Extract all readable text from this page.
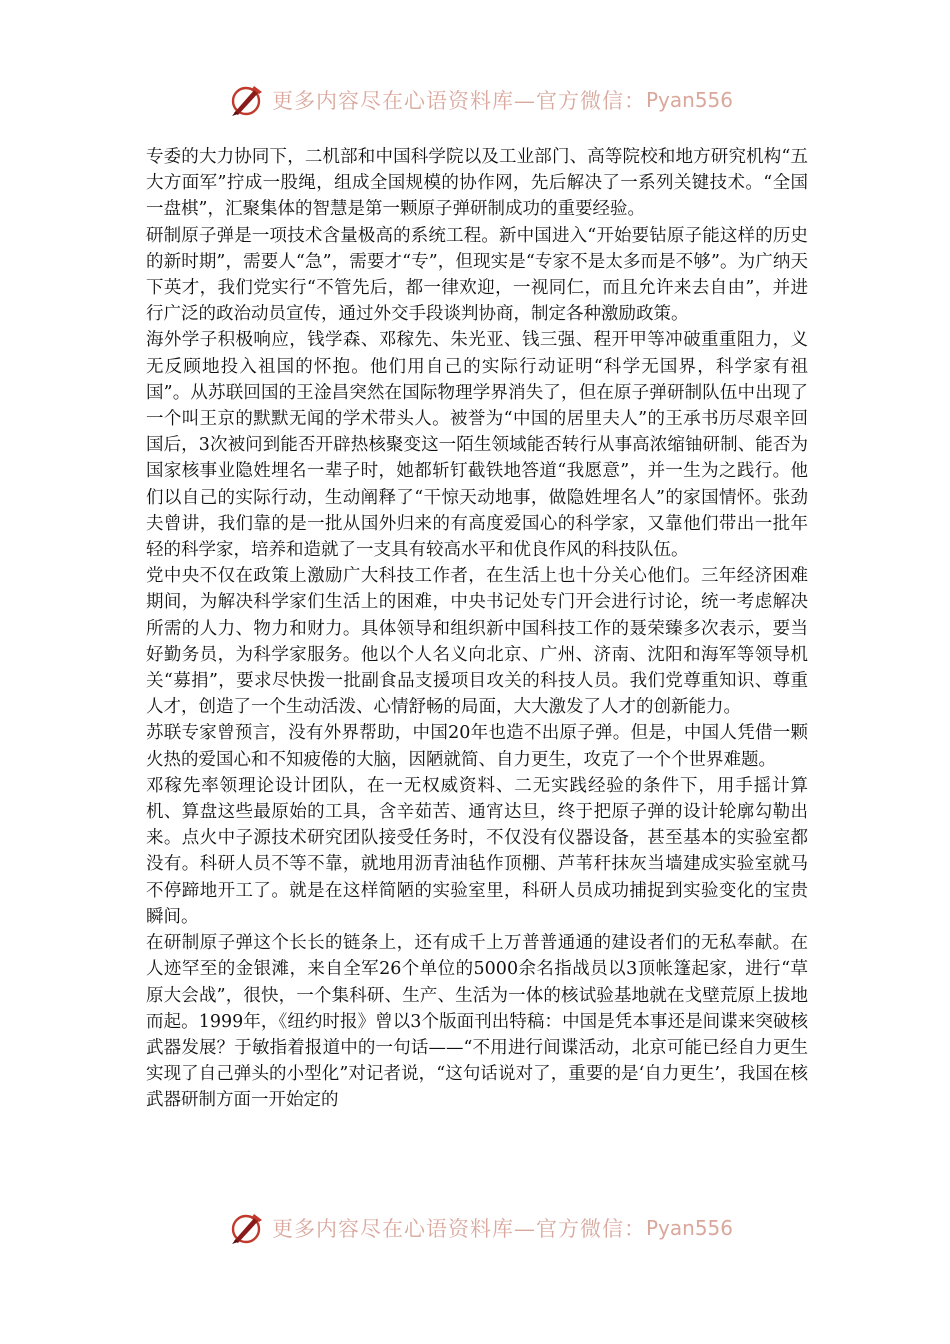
更多内容尽在心语资料库—官方微信： Pyan556

专委的大力协同下，二机部和中国科学院以及工业部门、高等院校和地方研究机构“五大方面军”拧成一股绳，组成全国规模的协作网，先后解决了一系列关键技术。“全国一盘棋”，汇聚集体的智慧是第一颗原子弹研制成功的重要经验。

研制原子弹是一项技术含量极高的系统工程。新中国进入“开始要钻原子能这样的历史的新时期”，需要人“急”，需要才“专”，但现实是“专家不是太多而是不够”。为广纳天下英才，我们党实行“不管先后，都一律欢迎，一视同仁，而且允许来去自由”，并进行广泛的政治动员宣传，通过外交手段谈判协商，制定各种激励政策。

海外学子积极响应，钱学森、邓稼先、朱光亚、钱三强、程开甲等冲破重重阻力，义无反顾地投入祖国的怀抱。他们用自己的实际行动证明“科学无国界，科学家有祖国”。从苏联回国的王淦昌突然在国际物理学界消失了，但在原子弹研制队伍中出现了一个叫王京的默默无闻的学术带头人。被誉为“中国的居里夫人”的王承书历尽艰辛回国后，3次被问到能否开辟热核聚变这一陌生领域能否转行从事高浓缩铀研制、能否为国家核事业隐姓埋名一辈子时，她都斩钉截铁地答道“我愿意”，并一生为之践行。他们以自己的实际行动，生动阐释了“干惊天动地事，做隐姓埋名人”的家国情怀。张劲夫曾讲，我们靠的是一批从国外归来的有高度爱国心的科学家，又靠他们带出一批年轻的科学家，培养和造就了一支具有较高水平和优良作风的科技队伍。

党中央不仅在政策上激励广大科技工作者，在生活上也十分关心他们。三年经济困难期间，为解决科学家们生活上的困难，中央书记处专门开会进行讨论，统一考虑解决所需的人力、物力和财力。具体领导和组织新中国科技工作的聂荣臻多次表示，要当好勤务员，为科学家服务。他以个人名义向北京、广州、济南、沈阳和海军等领导机关“募捐”，要求尽快拨一批副食品支援项目攻关的科技人员。我们党尊重知识、尊重人才，创造了一个生动活泼、心情舒畅的局面，大大激发了人才的创新能力。

苏联专家曾预言，没有外界帮助，中国20年也造不出原子弹。但是，中国人凭借一颗火热的爱国心和不知疲倦的大脑，因陋就简、自力更生，攻克了一个个世界难题。

邓稼先率领理论设计团队，在一无权威资料、二无实践经验的条件下，用手摇计算机、算盘这些最原始的工具，含辛茹苦、通宵达旦，终于把原子弹的设计轮廓勾勒出来。点火中子源技术研究团队接受任务时，不仅没有仪器设备，甚至基本的实验室都没有。科研人员不等不靠，就地用沥青油毡作顶棚、芦苇秆抹灰当墙建成实验室就马不停蹄地开工了。就是在这样简陋的实验室里，科研人员成功捕捉到实验变化的宝贵瞬间。

在研制原子弹这个长长的链条上，还有成千上万普普通通的建设者们的无私奉献。在人迹罕至的金银滩，来自全军26个单位的5000余名指战员以3顶帐篷起家，进行“草原大会战”，很快，一个集科研、生产、生活为一体的核试验基地就在戈壁荒原上拔地而起。1999年，《纽约时报》曾以3个版面刊出特稿：中国是凭本事还是间谍来突破核武器发展？于敏指着报道中的一句话——“不用进行间谍活动，北京可能已经自力更生实现了自己弹头的小型化”对记者说，“这句话说对了，重要的是‘自力更生’，我国在核武器研制方面一开始定的

更多内容尽在心语资料库—官方微信： Pyan556
